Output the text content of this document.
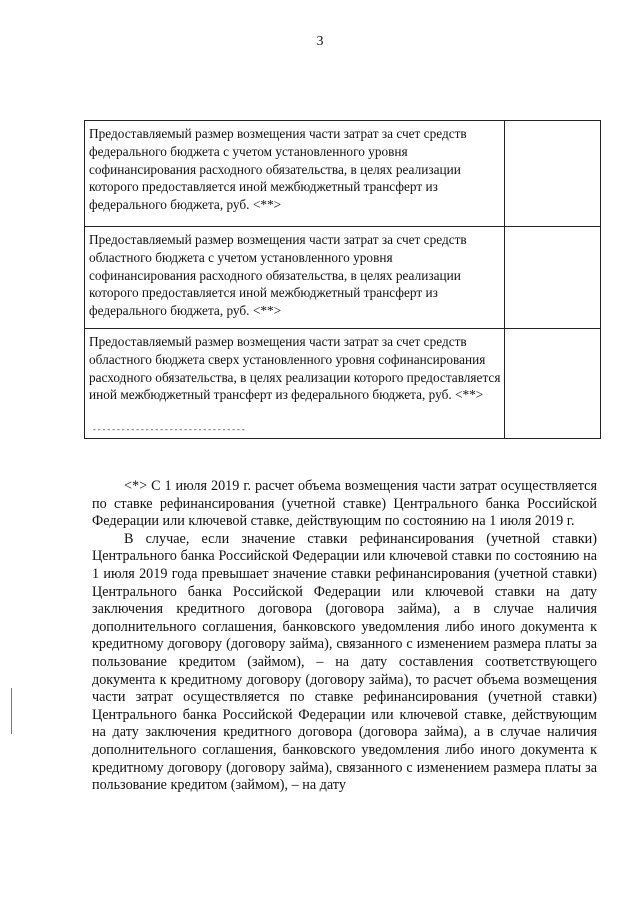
3
Предоставляемый размер возмещения части затрат за счет средств федерального бюджета с учетом установленного уровня софинансирования расходного обязательства, в целях реализации которого предоставляется иной межбюджетный трансферт из федерального бюджета, руб. <**>	
Предоставляемый размер возмещения части затрат за счет средств областного бюджета с учетом установленного уровня софинансирования расходного обязательства, в целях реализации которого предоставляется иной межбюджетный трансферт из федерального бюджета, руб. <**>	
Предоставляемый размер возмещения части затрат за счет средств областного бюджета сверх установленного уровня софинансирования расходного обязательства, в целях реализации которого предоставляется иной межбюджетный трансферт из федерального бюджета, руб. <**>	
--------------------------------

<*> С 1 июля 2019 г. расчет объема возмещения части затрат осуществляется по ставке рефинансирования (учетной ставке) Центрального банка Российской Федерации или ключевой ставке, действующим по состоянию на 1 июля 2019 г.

В случае, если значение ставки рефинансирования (учетной ставки) Центрального банка Российской Федерации или ключевой ставки по состоянию на 1 июля 2019 года превышает значение ставки рефинансирования (учетной ставки) Центрального банка Российской Федерации или ключевой ставки на дату заключения кредитного договора (договора займа), а в случае наличия дополнительного соглашения, банковского уведомления либо иного документа к кредитному договору (договору займа), связанного с изменением размера платы за пользование кредитом (займом), – на дату составления соответствующего документа к кредитному договору (договору займа), то расчет объема возмещения части затрат осуществляется по ставке рефинансирования (учетной ставки) Центрального банка Российской Федерации или ключевой ставке, действующим на дату заключения кредитного договора (договора займа), а в случае наличия дополнительного соглашения, банковского уведомления либо иного документа к кредитному договору (договору займа), связанного с изменением размера платы за пользование кредитом (займом), – на дату
